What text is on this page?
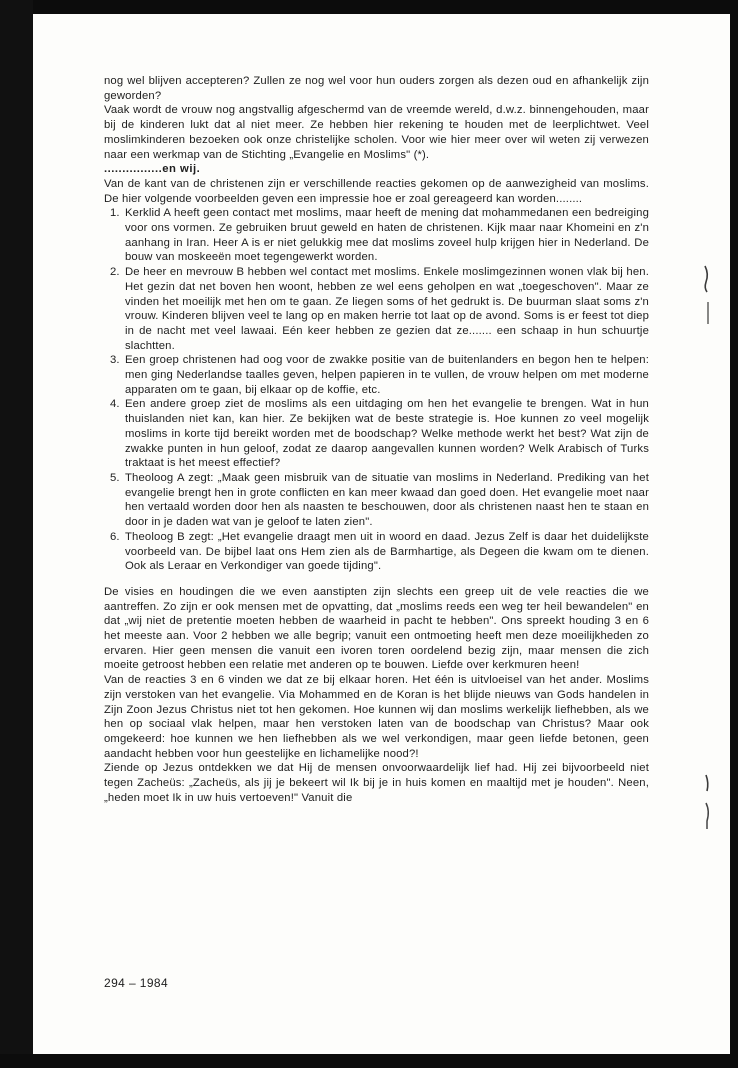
nog wel blijven accepteren? Zullen ze nog wel voor hun ouders zorgen als dezen oud en afhankelijk zijn geworden?

Vaak wordt de vrouw nog angstvallig afgeschermd van de vreemde wereld, d.w.z. binnengehouden, maar bij de kinderen lukt dat al niet meer. Ze hebben hier rekening te houden met de leerplichtwet. Veel moslimkinderen bezoeken ook onze christelijke scholen. Voor wie hier meer over wil weten zij verwezen naar een werkmap van de Stichting „Evangelie en Moslims" (*).

................en wij.

Van de kant van de christenen zijn er verschillende reacties gekomen op de aanwezigheid van moslims. De hier volgende voorbeelden geven een impressie hoe er zoal gereageerd kan worden........

1. Kerklid A heeft geen contact met moslims, maar heeft de mening dat mohammedanen een bedreiging voor ons vormen. Ze gebruiken bruut geweld en haten de christenen. Kijk maar naar Khomeini en z'n aanhang in Iran. Heer A is er niet gelukkig mee dat moslims zoveel hulp krijgen hier in Nederland. De bouw van moskeeën moet tegengewerkt worden.
2. De heer en mevrouw B hebben wel contact met moslims. Enkele moslimgezinnen wonen vlak bij hen. Het gezin dat net boven hen woont, hebben ze wel eens geholpen en wat „toegeschoven". Maar ze vinden het moeilijk met hen om te gaan. Ze liegen soms of het gedrukt is. De buurman slaat soms z'n vrouw. Kinderen blijven veel te lang op en maken herrie tot laat op de avond. Soms is er feest tot diep in de nacht met veel lawaai. Eén keer hebben ze gezien dat ze....... een schaap in hun schuurtje slachtten.
3. Een groep christenen had oog voor de zwakke positie van de buitenlanders en begon hen te helpen: men ging Nederlandse taalles geven, helpen papieren in te vullen, de vrouw helpen om met moderne apparaten om te gaan, bij elkaar op de koffie, etc.
4. Een andere groep ziet de moslims als een uitdaging om hen het evangelie te brengen. Wat in hun thuislanden niet kan, kan hier. Ze bekijken wat de beste strategie is. Hoe kunnen zo veel mogelijk moslims in korte tijd bereikt worden met de boodschap? Welke methode werkt het best? Wat zijn de zwakke punten in hun geloof, zodat ze daarop aangevallen kunnen worden? Welk Arabisch of Turks traktaat is het meest effectief?
5. Theoloog A zegt: „Maak geen misbruik van de situatie van moslims in Nederland. Prediking van het evangelie brengt hen in grote conflicten en kan meer kwaad dan goed doen. Het evangelie moet naar hen vertaald worden door hen als naasten te beschouwen, door als christenen naast hen te staan en door in je daden wat van je geloof te laten zien".
6. Theoloog B zegt: „Het evangelie draagt men uit in woord en daad. Jezus Zelf is daar het duidelijkste voorbeeld van. De bijbel laat ons Hem zien als de Barmhartige, als Degeen die kwam om te dienen. Ook als Leraar en Verkondiger van goede tijding".

De visies en houdingen die we even aanstipten zijn slechts een greep uit de vele reacties die we aantreffen. Zo zijn er ook mensen met de opvatting, dat „moslims reeds een weg ter heil bewandelen" en dat „wij niet de pretentie moeten hebben de waarheid in pacht te hebben". Ons spreekt houding 3 en 6 het meeste aan. Voor 2 hebben we alle begrip; vanuit een ontmoeting heeft men deze moeilijkheden zo ervaren. Hier geen mensen die vanuit een ivoren toren oordelend bezig zijn, maar mensen die zich moeite getroost hebben een relatie met anderen op te bouwen. Liefde over kerkmuren heen!

Van de reacties 3 en 6 vinden we dat ze bij elkaar horen. Het één is uitvloeisel van het ander. Moslims zijn verstoken van het evangelie. Via Mohammed en de Koran is het blijde nieuws van Gods handelen in Zijn Zoon Jezus Christus niet tot hen gekomen. Hoe kunnen wij dan moslims werkelijk liefhebben, als we hen op sociaal vlak helpen, maar hen verstoken laten van de boodschap van Christus? Maar ook omgekeerd: hoe kunnen we hen liefhebben als we wel verkondigen, maar geen liefde betonen, geen aandacht hebben voor hun geestelijke en lichamelijke nood?!

Ziende op Jezus ontdekken we dat Hij de mensen onvoorwaardelijk lief had. Hij zei bijvoorbeeld niet tegen Zacheüs: „Zacheüs, als jij je bekeert wil Ik bij je in huis komen en maaltijd met je houden". Neen, „heden moet Ik in uw huis vertoeven!" Vanuit die

294 – 1984
